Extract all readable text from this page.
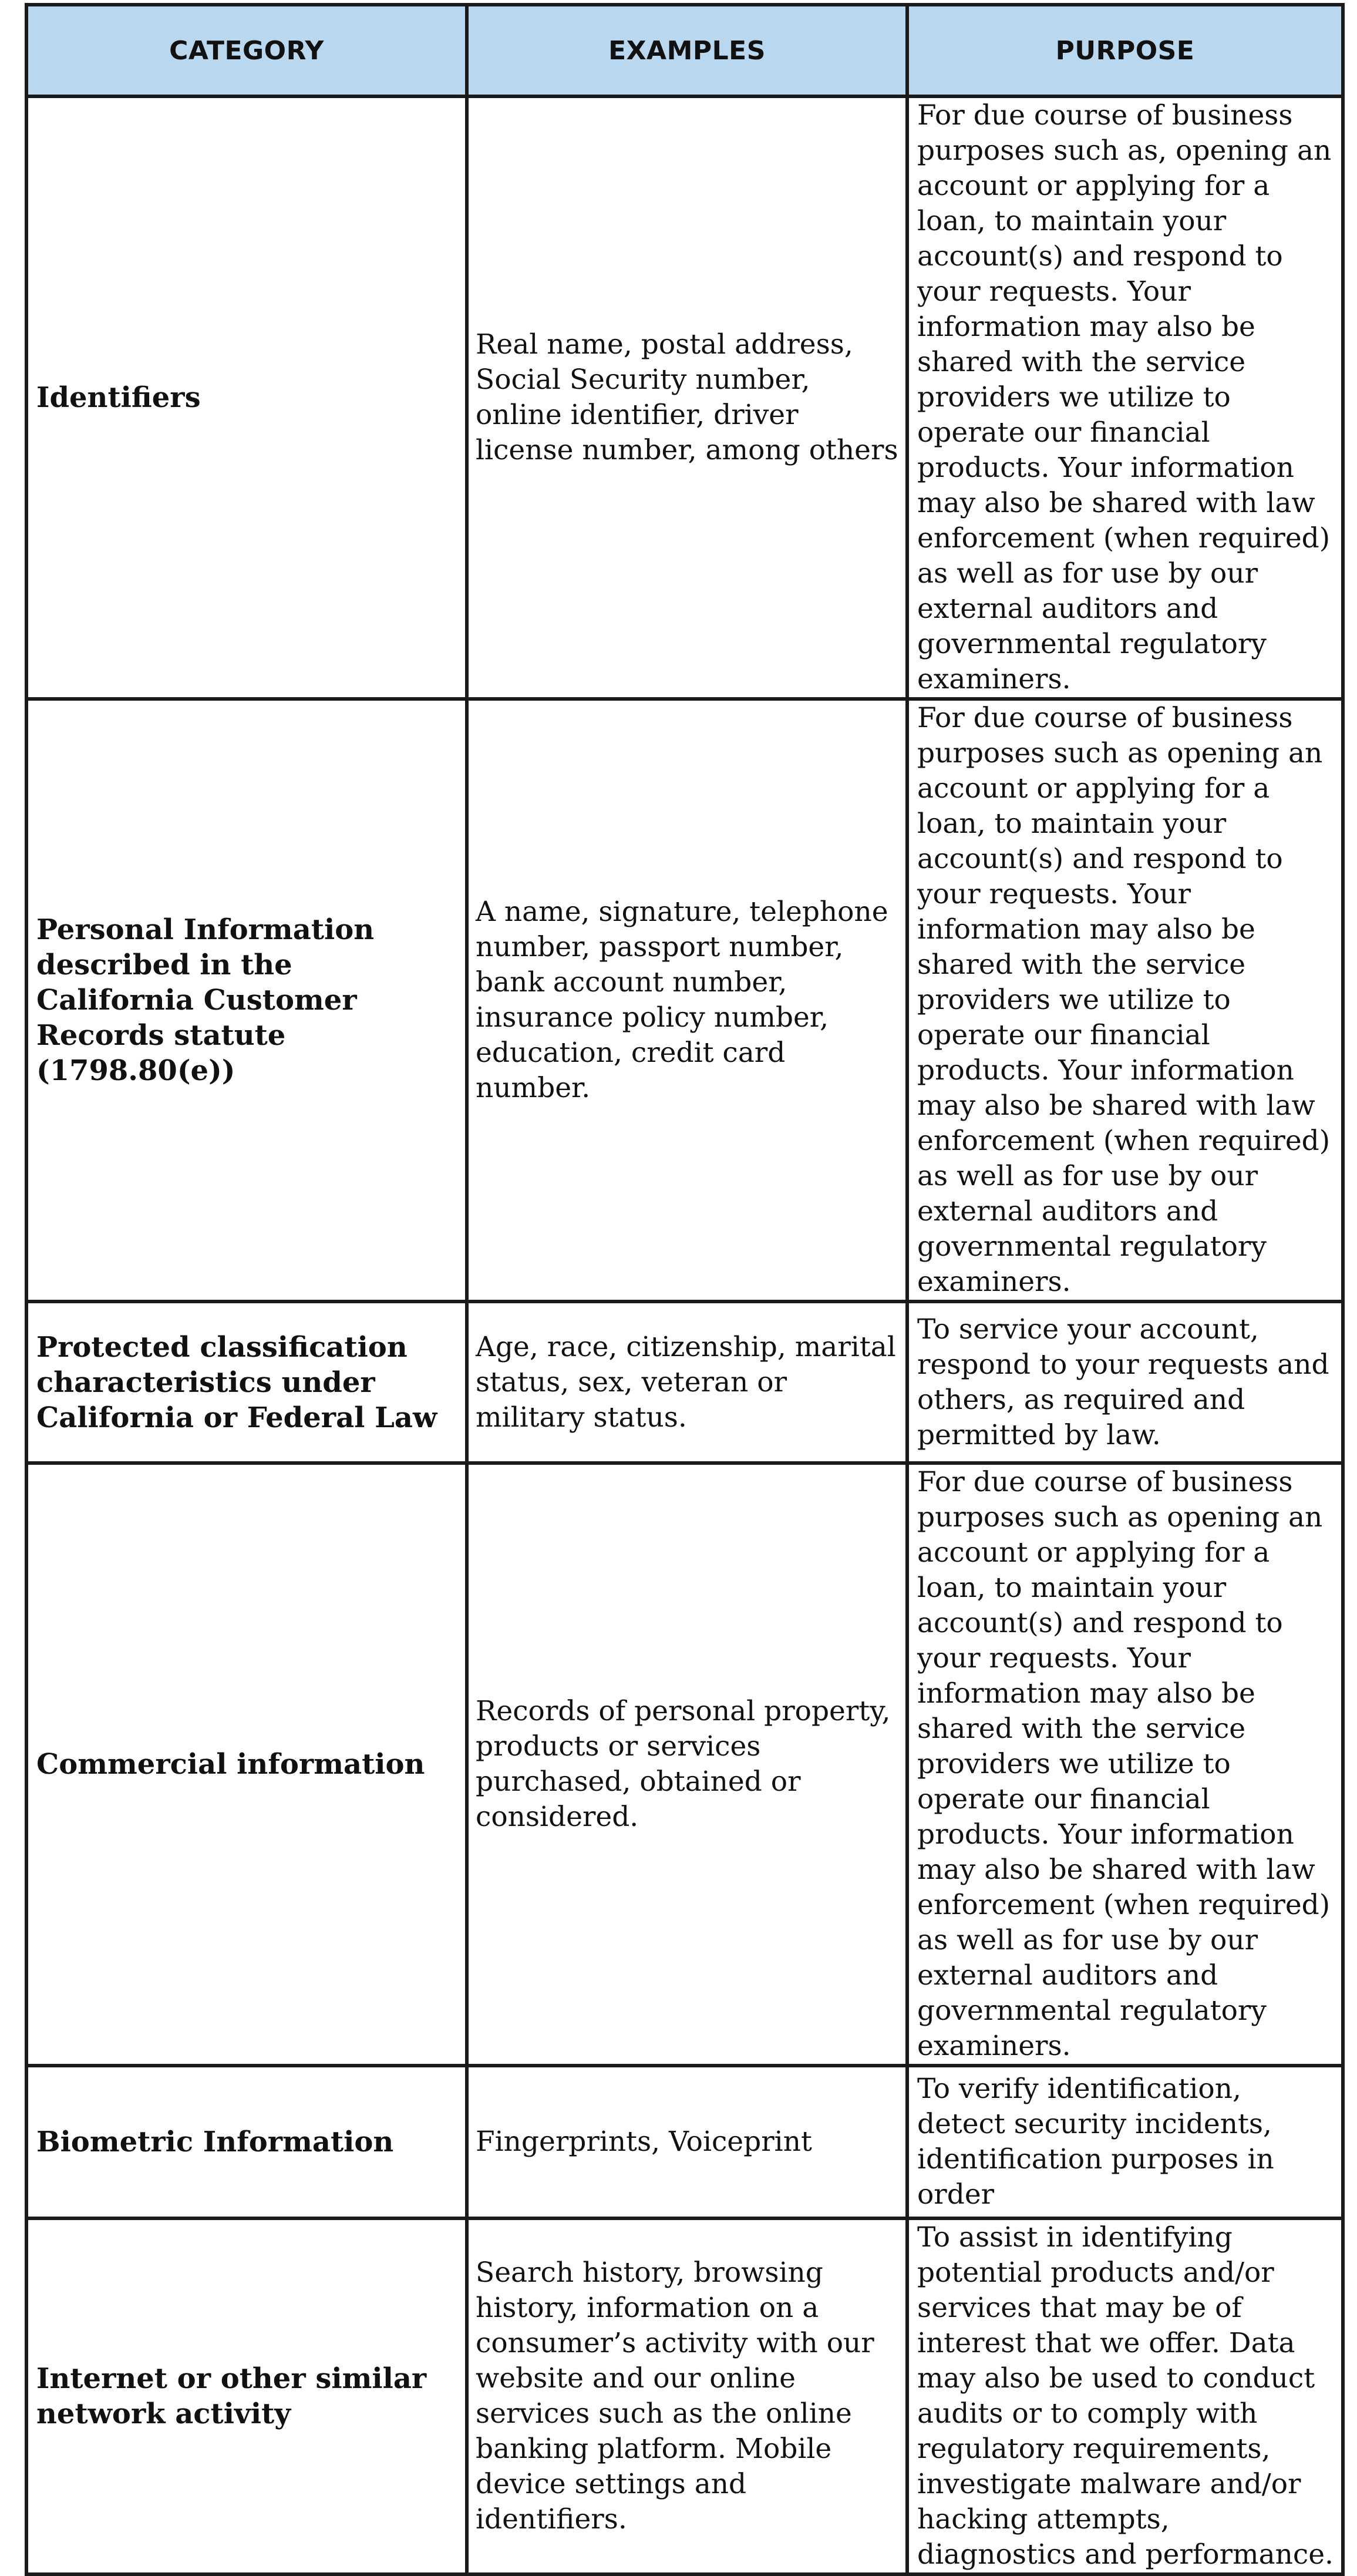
CATEGORY	EXAMPLES	PURPOSE
Identifiers	Real name, postal address, Social Security number, online identifier, driver license number, among others	For due course of business purposes such as, opening an account or applying for a loan, to maintain your account(s) and respond to your requests. Your information may also be shared with the service providers we utilize to operate our financial products. Your information may also be shared with law enforcement (when required) as well as for use by our external auditors and governmental regulatory examiners.
Personal Information described in the California Customer Records statute (1798.80(e))	A name, signature, telephone number, passport number, bank account number, insurance policy number, education, credit card number.	For due course of business purposes such as opening an account or applying for a loan, to maintain your account(s) and respond to your requests. Your information may also be shared with the service providers we utilize to operate our financial products. Your information may also be shared with law enforcement (when required) as well as for use by our external auditors and governmental regulatory examiners.
Protected classification characteristics under California or Federal Law	Age, race, citizenship, marital status, sex, veteran or military status.	To service your account, respond to your requests and others, as required and permitted by law.
Commercial information	Records of personal property, products or services purchased, obtained or considered.	For due course of business purposes such as opening an account or applying for a loan, to maintain your account(s) and respond to your requests. Your information may also be shared with the service providers we utilize to operate our financial products. Your information may also be shared with law enforcement (when required) as well as for use by our external auditors and governmental regulatory examiners.
Biometric Information	Fingerprints, Voiceprint	To verify identification, detect security incidents, identification purposes in order
Internet or other similar network activity	Search history, browsing history, information on a consumer’s activity with our website and our online services such as the online banking platform. Mobile device settings and identifiers.	To assist in identifying potential products and/or services that may be of interest that we offer. Data may also be used to conduct audits or to comply with regulatory requirements, investigate malware and/or hacking attempts, diagnostics and performance.
